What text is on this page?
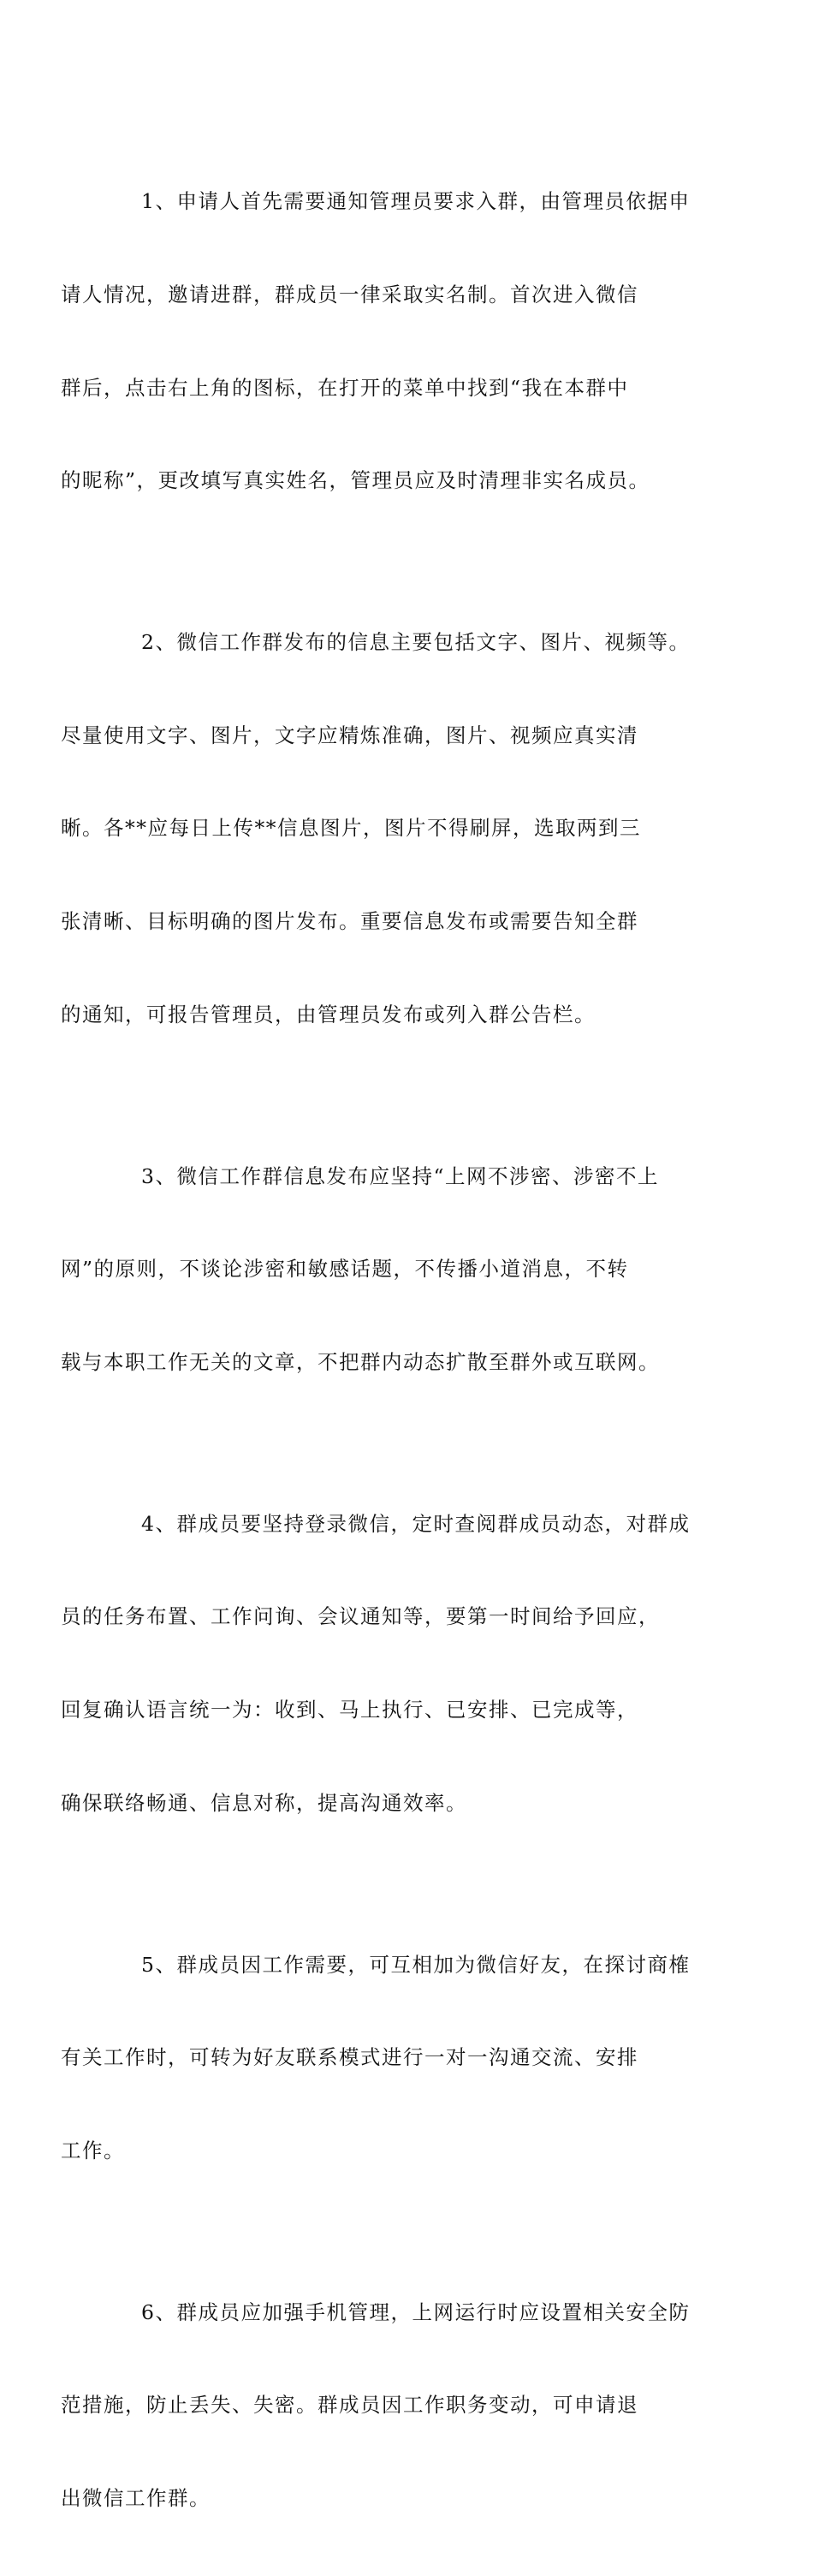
1、申请人首先需要通知管理员要求入群，由管理员依据申

请人情况，邀请进群，群成员一律采取实名制。首次进入微信

群后，点击右上角的图标，在打开的菜单中找到“我在本群中

的昵称”，更改填写真实姓名，管理员应及时清理非实名成员。

2、微信工作群发布的信息主要包括文字、图片、视频等。

尽量使用文字、图片，文字应精炼准确，图片、视频应真实清

晰。各**应每日上传**信息图片，图片不得刷屏，选取两到三

张清晰、目标明确的图片发布。重要信息发布或需要告知全群

的通知，可报告管理员，由管理员发布或列入群公告栏。

3、微信工作群信息发布应坚持“上网不涉密、涉密不上

网”的原则，不谈论涉密和敏感话题，不传播小道消息，不转

载与本职工作无关的文章，不把群内动态扩散至群外或互联网。

4、群成员要坚持登录微信，定时查阅群成员动态，对群成

员的任务布置、工作问询、会议通知等，要第一时间给予回应，

回复确认语言统一为：收到、马上执行、已安排、已完成等，

确保联络畅通、信息对称，提高沟通效率。

5、群成员因工作需要，可互相加为微信好友，在探讨商榷

有关工作时，可转为好友联系模式进行一对一沟通交流、安排

工作。

6、群成员应加强手机管理，上网运行时应设置相关安全防

范措施，防止丢失、失密。群成员因工作职务变动，可申请退

出微信工作群。
